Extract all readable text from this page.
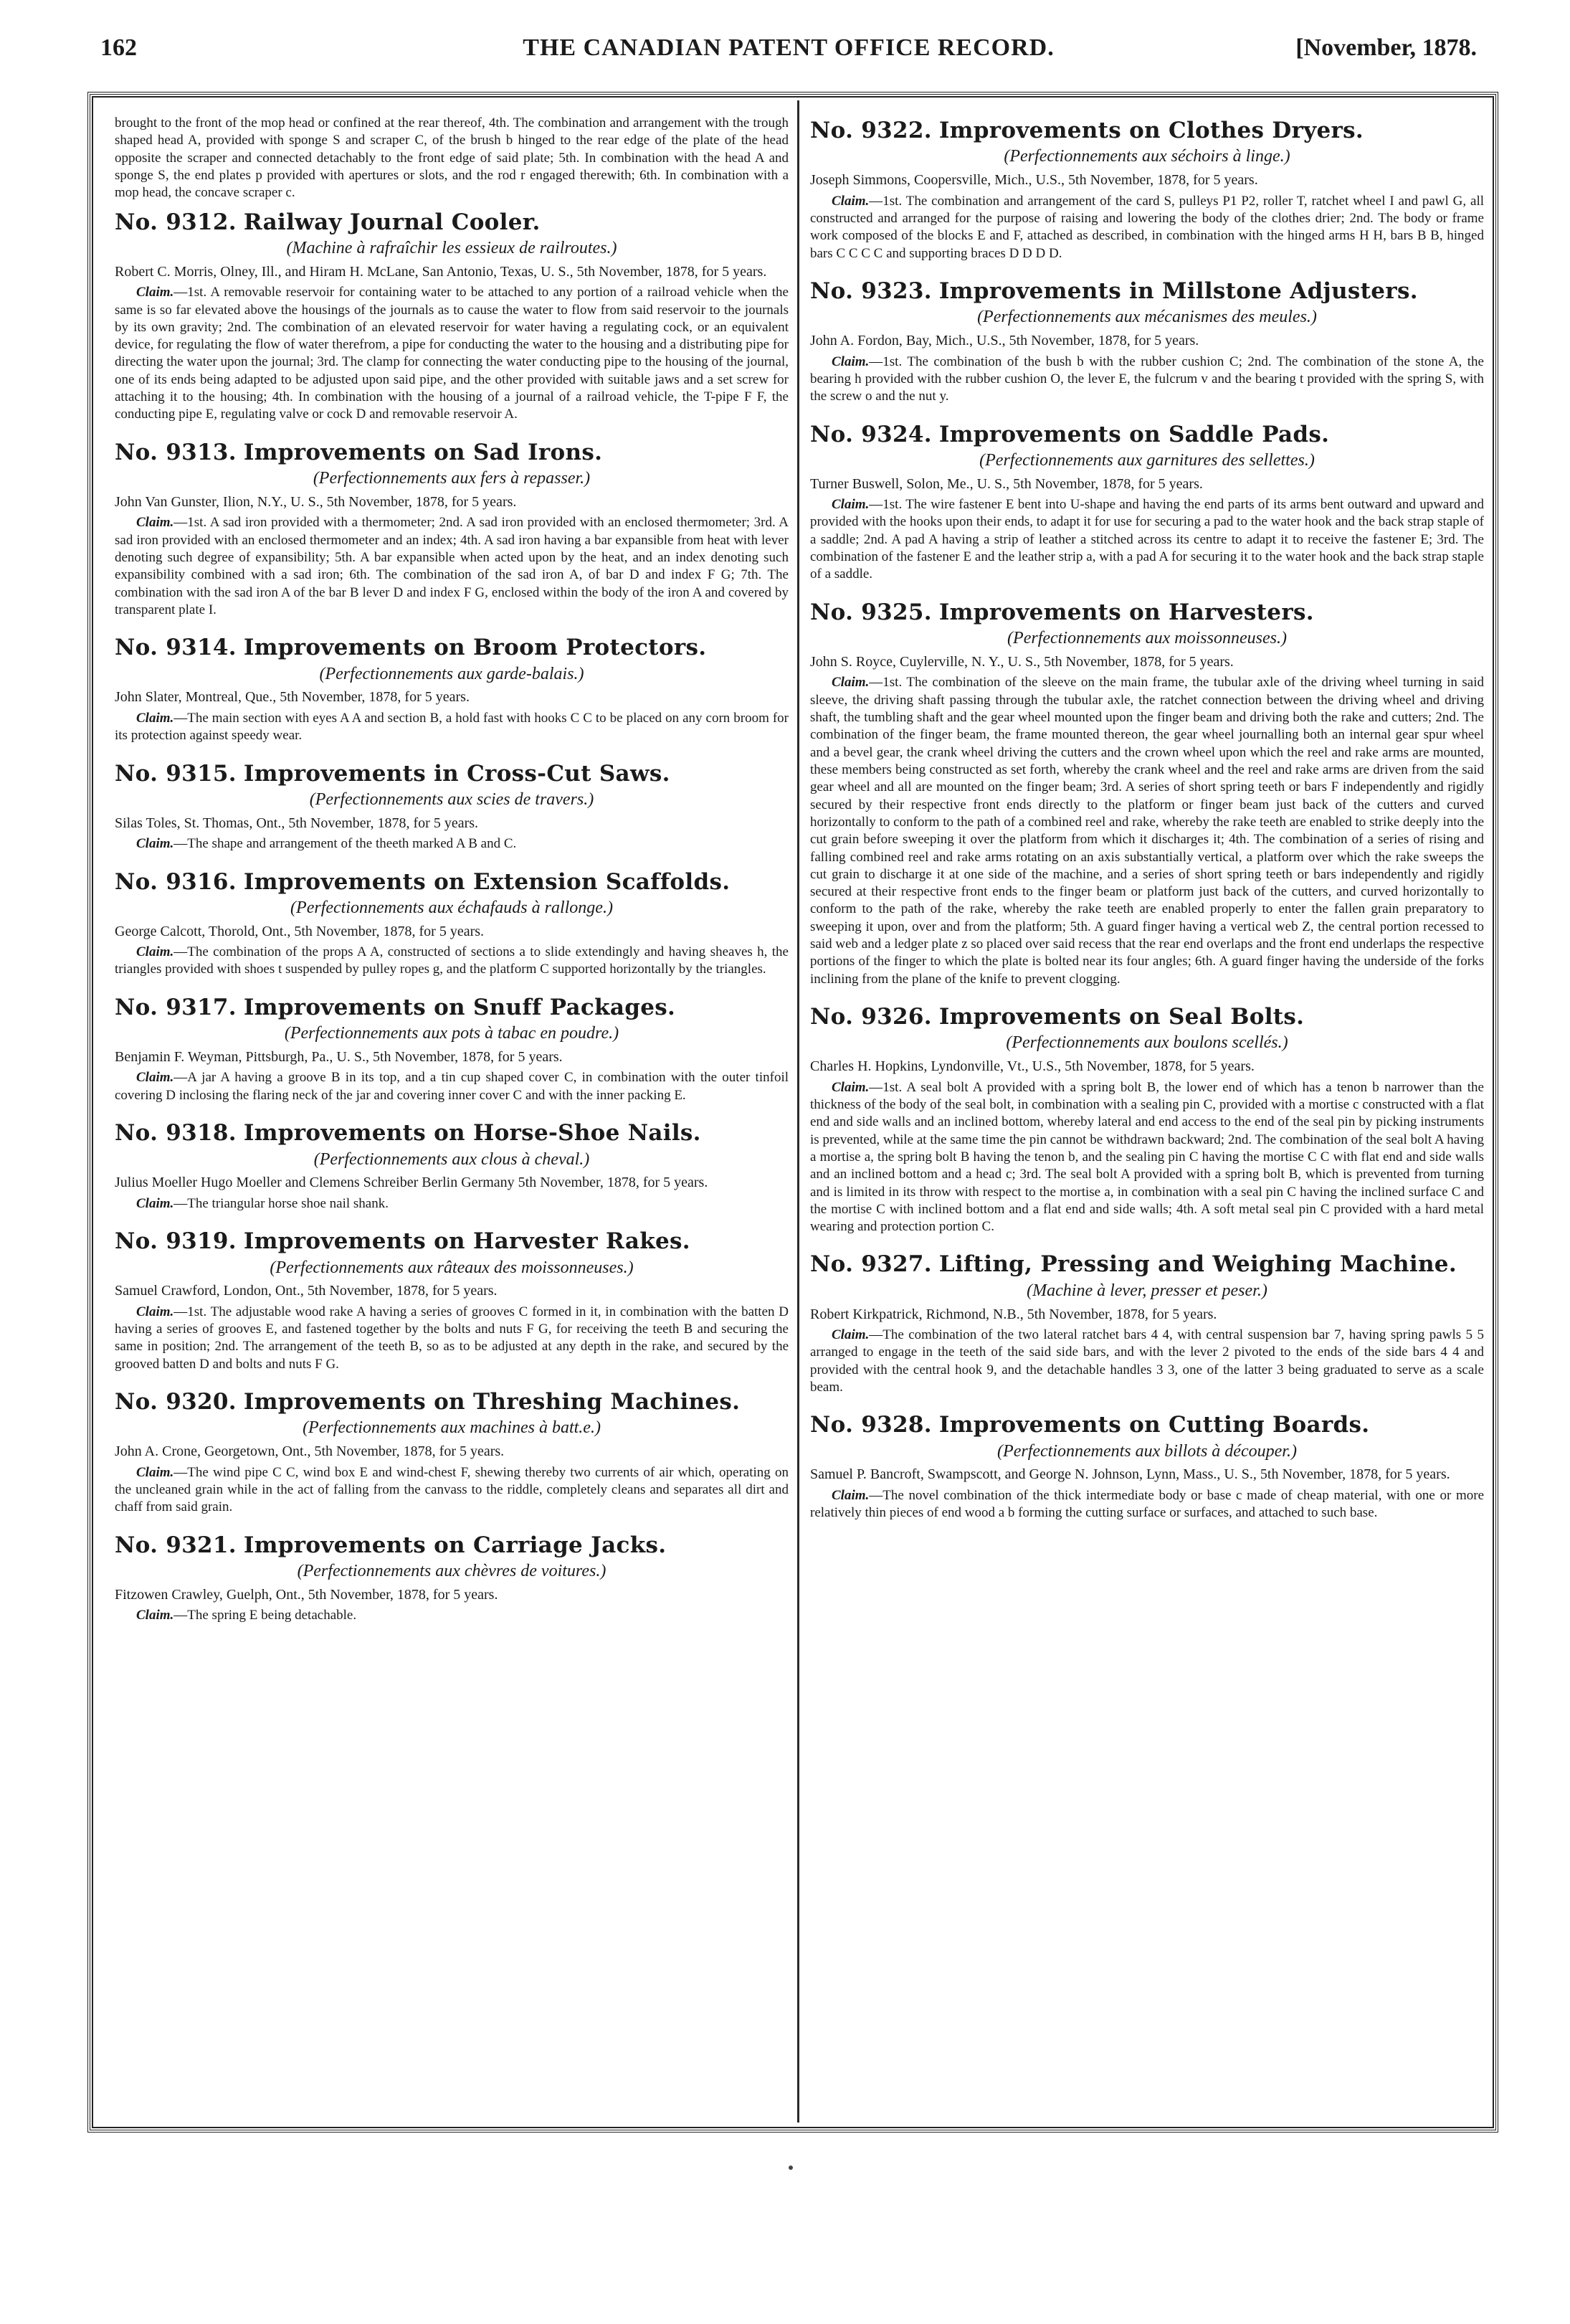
162	THE CANADIAN PATENT OFFICE RECORD.	[November, 1878.

brought to the front of the mop head or confined at the rear thereof, 4th. The combination and arrangement with the trough shaped head A, provided with sponge S and scraper C, of the brush b hinged to the rear edge of the plate of the head opposite the scraper and connected detachably to the front edge of said plate; 5th. In combination with the head A and sponge S, the end plates p provided with apertures or slots, and the rod r engaged therewith; 6th. In combination with a mop head, the concave scraper c.

No. 9312. Railway Journal Cooler.
(Machine à rafraîchir les essieux de railroutes.)
Robert C. Morris, Olney, Ill., and Hiram H. McLane, San Antonio, Texas, U. S., 5th November, 1878, for 5 years.

Claim.—1st. A removable reservoir for containing water to be attached to any portion of a railroad vehicle when the same is so far elevated above the housings of the journals as to cause the water to flow from said reservoir to the journals by its own gravity; 2nd. The combination of an elevated reservoir for water having a regulating cock, or an equivalent device, for regulating the flow of water therefrom, a pipe for conducting the water to the housing and a distributing pipe for directing the water upon the journal; 3rd. The clamp for connecting the water conducting pipe to the housing of the journal, one of its ends being adapted to be adjusted upon said pipe, and the other provided with suitable jaws and a set screw for attaching it to the housing; 4th. In combination with the housing of a journal of a railroad vehicle, the T-pipe F F, the conducting pipe E, regulating valve or cock D and removable reservoir A.

No. 9313. Improvements on Sad Irons.
(Perfectionnements aux fers à repasser.)
John Van Gunster, Ilion, N.Y., U. S., 5th November, 1878, for 5 years.

Claim.—1st. A sad iron provided with a thermometer; 2nd. A sad iron provided with an enclosed thermometer; 3rd. A sad iron provided with an enclosed thermometer and an index; 4th. A sad iron having a bar expansible from heat with lever denoting such degree of expansibility; 5th. A bar expansible when acted upon by the heat, and an index denoting such expansibility combined with a sad iron; 6th. The combination of the sad iron A, of bar D and index F G; 7th. The combination with the sad iron A of the bar B lever D and index F G, enclosed within the body of the iron A and covered by transparent plate I.

No. 9314. Improvements on Broom Protectors.
(Perfectionnements aux garde-balais.)
John Slater, Montreal, Que., 5th November, 1878, for 5 years.

Claim.—The main section with eyes A A and section B, a hold fast with hooks C C to be placed on any corn broom for its protection against speedy wear.

No. 9315. Improvements in Cross-Cut Saws.
(Perfectionnements aux scies de travers.)
Silas Toles, St. Thomas, Ont., 5th November, 1878, for 5 years.

Claim.—The shape and arrangement of the theeth marked A B and C.

No. 9316. Improvements on Extension Scaffolds.
(Perfectionnements aux échafauds à rallonge.)
George Calcott, Thorold, Ont., 5th November, 1878, for 5 years.

Claim.—The combination of the props A A, constructed of sections a to slide extendingly and having sheaves h, the triangles provided with shoes t suspended by pulley ropes g, and the platform C supported horizontally by the triangles.

No. 9317. Improvements on Snuff Packages.
(Perfectionnements aux pots à tabac en poudre.)
Benjamin F. Weyman, Pittsburgh, Pa., U. S., 5th November, 1878, for 5 years.

Claim.—A jar A having a groove B in its top, and a tin cup shaped cover C, in combination with the outer tinfoil covering D inclosing the flaring neck of the jar and covering inner cover C and with the inner packing E.

No. 9318. Improvements on Horse-Shoe Nails.
(Perfectionnements aux clous à cheval.)
Julius Moeller Hugo Moeller and Clemens Schreiber Berlin Germany 5th November, 1878, for 5 years.

Claim.—The triangular horse shoe nail shank.

No. 9319. Improvements on Harvester Rakes.
(Perfectionnements aux râteaux des moissonneuses.)
Samuel Crawford, London, Ont., 5th November, 1878, for 5 years.

Claim.—1st. The adjustable wood rake A having a series of grooves C formed in it, in combination with the batten D having a series of grooves E, and fastened together by the bolts and nuts F G, for receiving the teeth B and securing the same in position; 2nd. The arrangement of the teeth B, so as to be adjusted at any depth in the rake, and secured by the grooved batten D and bolts and nuts F G.

No. 9320. Improvements on Threshing Machines.
(Perfectionnements aux machines à batt.e.)
John A. Crone, Georgetown, Ont., 5th November, 1878, for 5 years.

Claim.—The wind pipe C C, wind box E and wind-chest F, shewing thereby two currents of air which, operating on the uncleaned grain while in the act of falling from the canvass to the riddle, completely cleans and separates all dirt and chaff from said grain.

No. 9321. Improvements on Carriage Jacks.
(Perfectionnements aux chèvres de voitures.)
Fitzowen Crawley, Guelph, Ont., 5th November, 1878, for 5 years.

Claim.—The spring E being detachable.

No. 9322. Improvements on Clothes Dryers.
(Perfectionnements aux séchoirs à linge.)
Joseph Simmons, Coopersville, Mich., U.S., 5th November, 1878, for 5 years.

Claim.—1st. The combination and arrangement of the card S, pulleys P1 P2, roller T, ratchet wheel I and pawl G, all constructed and arranged for the purpose of raising and lowering the body of the clothes drier; 2nd. The body or frame work composed of the blocks E and F, attached as described, in combination with the hinged arms H H, bars B B, hinged bars C C C C and supporting braces D D D D.

No. 9323. Improvements in Millstone Adjusters.
(Perfectionnements aux mécanismes des meules.)
John A. Fordon, Bay, Mich., U.S., 5th November, 1878, for 5 years.

Claim.—1st. The combination of the bush b with the rubber cushion C; 2nd. The combination of the stone A, the bearing h provided with the rubber cushion O, the lever E, the fulcrum v and the bearing t provided with the spring S, with the screw o and the nut y.

No. 9324. Improvements on Saddle Pads.
(Perfectionnements aux garnitures des sellettes.)
Turner Buswell, Solon, Me., U. S., 5th November, 1878, for 5 years.

Claim.—1st. The wire fastener E bent into U-shape and having the end parts of its arms bent outward and upward and provided with the hooks upon their ends, to adapt it for use for securing a pad to the water hook and the back strap staple of a saddle; 2nd. A pad A having a strip of leather a stitched across its centre to adapt it to receive the fastener E; 3rd. The combination of the fastener E and the leather strip a, with a pad A for securing it to the water hook and the back strap staple of a saddle.

No. 9325. Improvements on Harvesters.
(Perfectionnements aux moissonneuses.)
John S. Royce, Cuylerville, N. Y., U. S., 5th November, 1878, for 5 years.

Claim.—1st. The combination of the sleeve on the main frame, the tubular axle of the driving wheel turning in said sleeve, the driving shaft passing through the tubular axle, the ratchet connection between the driving wheel and driving shaft, the tumbling shaft and the gear wheel mounted upon the finger beam and driving both the rake and cutters; 2nd. The combination of the finger beam, the frame mounted thereon, the gear wheel journalling both an internal gear spur wheel and a bevel gear, the crank wheel driving the cutters and the crown wheel upon which the reel and rake arms are mounted, these members being constructed as set forth, whereby the crank wheel and the reel and rake arms are driven from the said gear wheel and all are mounted on the finger beam; 3rd. A series of short spring teeth or bars F independently and rigidly secured by their respective front ends directly to the platform or finger beam just back of the cutters and curved horizontally to conform to the path of a combined reel and rake, whereby the rake teeth are enabled to strike deeply into the cut grain before sweeping it over the platform from which it discharges it; 4th. The combination of a series of rising and falling combined reel and rake arms rotating on an axis substantially vertical, a platform over which the rake sweeps the cut grain to discharge it at one side of the machine, and a series of short spring teeth or bars independently and rigidly secured at their respective front ends to the finger beam or platform just back of the cutters, and curved horizontally to conform to the path of the rake, whereby the rake teeth are enabled properly to enter the fallen grain preparatory to sweeping it upon, over and from the platform; 5th. A guard finger having a vertical web Z, the central portion recessed to said web and a ledger plate z so placed over said recess that the rear end overlaps and the front end underlaps the respective portions of the finger to which the plate is bolted near its four angles; 6th. A guard finger having the underside of the forks inclining from the plane of the knife to prevent clogging.

No. 9326. Improvements on Seal Bolts.
(Perfectionnements aux boulons scellés.)
Charles H. Hopkins, Lyndonville, Vt., U.S., 5th November, 1878, for 5 years.

Claim.—1st. A seal bolt A provided with a spring bolt B, the lower end of which has a tenon b narrower than the thickness of the body of the seal bolt, in combination with a sealing pin C, provided with a mortise c constructed with a flat end and side walls and an inclined bottom, whereby lateral and end access to the end of the seal pin by picking instruments is prevented, while at the same time the pin cannot be withdrawn backward; 2nd. The combination of the seal bolt A having a mortise a, the spring bolt B having the tenon b, and the sealing pin C having the mortise C C with flat end and side walls and an inclined bottom and a head c; 3rd. The seal bolt A provided with a spring bolt B, which is prevented from turning and is limited in its throw with respect to the mortise a, in combination with a seal pin C having the inclined surface C and the mortise C with inclined bottom and a flat end and side walls; 4th. A soft metal seal pin C provided with a hard metal wearing and protection portion C.

No. 9327. Lifting, Pressing and Weighing Machine.
(Machine à lever, presser et peser.)
Robert Kirkpatrick, Richmond, N.B., 5th November, 1878, for 5 years.

Claim.—The combination of the two lateral ratchet bars 4 4, with central suspension bar 7, having spring pawls 5 5 arranged to engage in the teeth of the said side bars, and with the lever 2 pivoted to the ends of the side bars 4 4 and provided with the central hook 9, and the detachable handles 3 3, one of the latter 3 being graduated to serve as a scale beam.

No. 9328. Improvements on Cutting Boards.
(Perfectionnements aux billots à découper.)
Samuel P. Bancroft, Swampscott, and George N. Johnson, Lynn, Mass., U. S., 5th November, 1878, for 5 years.

Claim.—The novel combination of the thick intermediate body or base c made of cheap material, with one or more relatively thin pieces of end wood a b forming the cutting surface or surfaces, and attached to such base.
